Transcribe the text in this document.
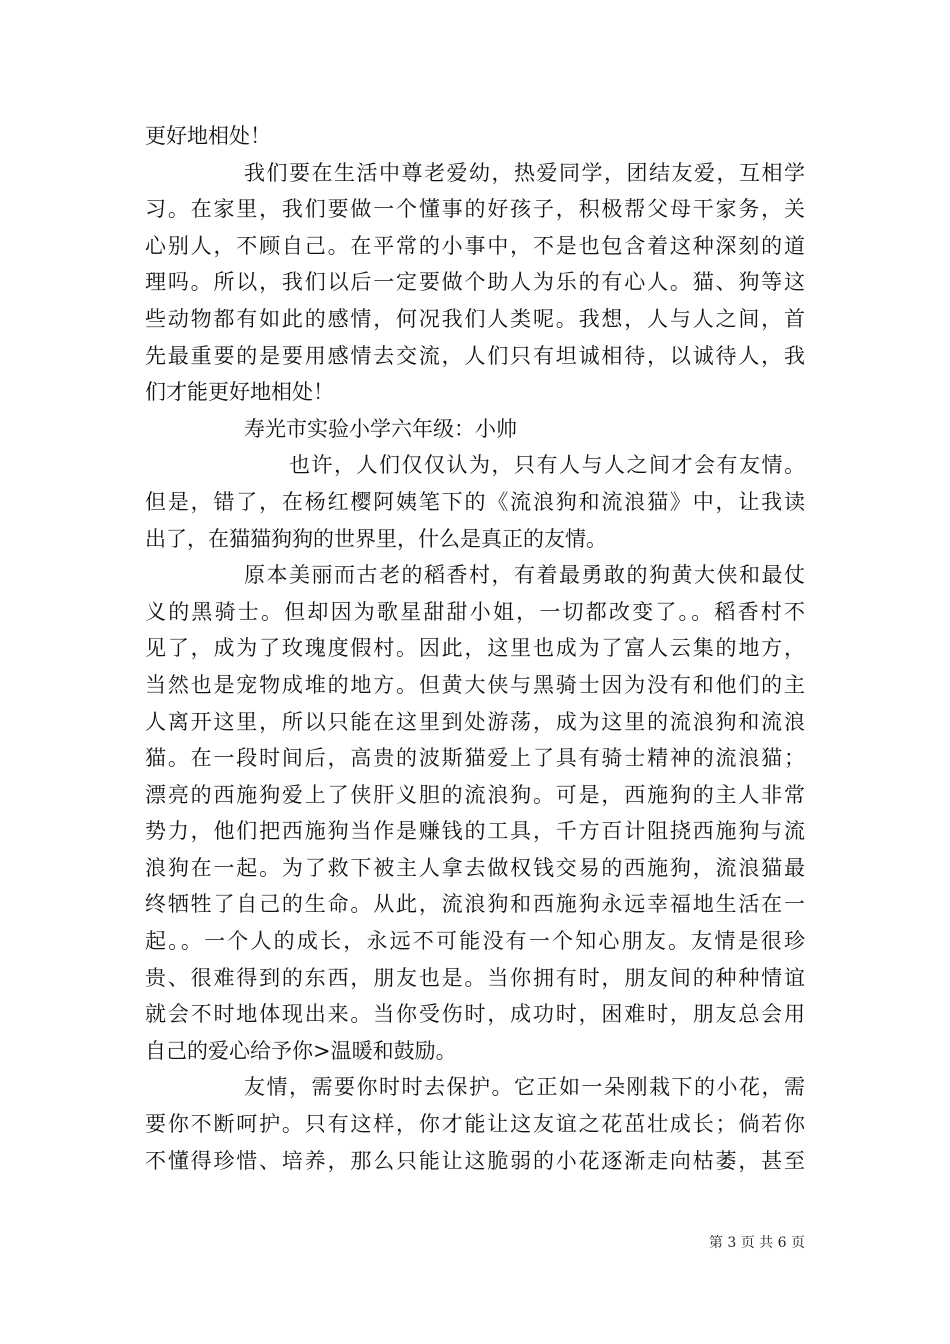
更好地相处！
我们要在生活中尊老爱幼，热爱同学，团结友爱，互相学
习。在家里，我们要做一个懂事的好孩子，积极帮父母干家务，关
心别人，不顾自己。在平常的小事中，不是也包含着这种深刻的道
理吗。所以，我们以后一定要做个助人为乐的有心人。猫、狗等这
些动物都有如此的感情，何况我们人类呢。我想，人与人之间，首
先最重要的是要用感情去交流，人们只有坦诚相待，以诚待人，我
们才能更好地相处！
寿光市实验小学六年级：小帅
也许，人们仅仅认为，只有人与人之间才会有友情。
但是，错了，在杨红樱阿姨笔下的《流浪狗和流浪猫》中，让我读
出了，在猫猫狗狗的世界里，什么是真正的友情。
原本美丽而古老的稻香村，有着最勇敢的狗黄大侠和最仗
义的黑骑士。但却因为歌星甜甜小姐，一切都改变了。。稻香村不
见了，成为了玫瑰度假村。因此，这里也成为了富人云集的地方，
当然也是宠物成堆的地方。但黄大侠与黑骑士因为没有和他们的主
人离开这里，所以只能在这里到处游荡，成为这里的流浪狗和流浪
猫。在一段时间后，高贵的波斯猫爱上了具有骑士精神的流浪猫；
漂亮的西施狗爱上了侠肝义胆的流浪狗。可是，西施狗的主人非常
势力，他们把西施狗当作是赚钱的工具，千方百计阻挠西施狗与流
浪狗在一起。为了救下被主人拿去做权钱交易的西施狗，流浪猫最
终牺牲了自己的生命。从此，流浪狗和西施狗永远幸福地生活在一
起。。一个人的成长，永远不可能没有一个知心朋友。友情是很珍
贵、很难得到的东西，朋友也是。当你拥有时，朋友间的种种情谊
就会不时地体现出来。当你受伤时，成功时，困难时，朋友总会用
自己的爱心给予你>温暖和鼓励。
友情，需要你时时去保护。它正如一朵刚栽下的小花，需
要你不断呵护。只有这样，你才能让这友谊之花茁壮成长；倘若你
不懂得珍惜、培养，那么只能让这脆弱的小花逐渐走向枯萎，甚至
第 3 页 共 6 页
